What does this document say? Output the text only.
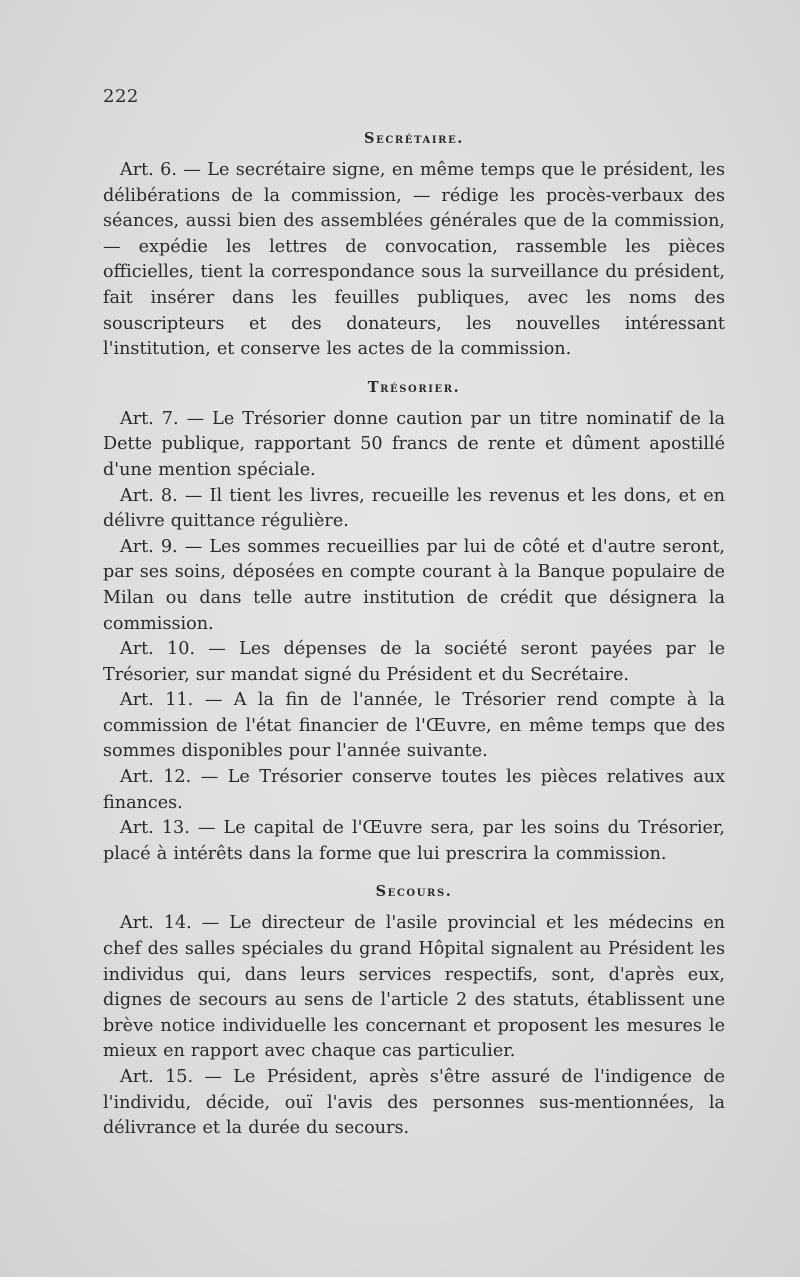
222
Secrétaire.

Art. 6. — Le secrétaire signe, en même temps que le président, les délibérations de la commission, — rédige les procès-verbaux des séances, aussi bien des assemblées générales que de la commission, — expédie les lettres de convocation, rassemble les pièces officielles, tient la correspondance sous la surveillance du président, fait insérer dans les feuilles publiques, avec les noms des souscripteurs et des donateurs, les nouvelles intéressant l'institution, et conserve les actes de la commission.

Trésorier.

Art. 7. — Le Trésorier donne caution par un titre nominatif de la Dette publique, rapportant 50 francs de rente et dûment apostillé d'une mention spéciale.

Art. 8. — Il tient les livres, recueille les revenus et les dons, et en délivre quittance régulière.

Art. 9. — Les sommes recueillies par lui de côté et d'autre seront, par ses soins, déposées en compte courant à la Banque populaire de Milan ou dans telle autre institution de crédit que désignera la commission.

Art. 10. — Les dépenses de la société seront payées par le Trésorier, sur mandat signé du Président et du Secrétaire.

Art. 11. — A la fin de l'année, le Trésorier rend compte à la commission de l'état financier de l'Œuvre, en même temps que des sommes disponibles pour l'année suivante.

Art. 12. — Le Trésorier conserve toutes les pièces relatives aux finances.

Art. 13. — Le capital de l'Œuvre sera, par les soins du Trésorier, placé à intérêts dans la forme que lui prescrira la commission.

Secours.

Art. 14. — Le directeur de l'asile provincial et les médecins en chef des salles spéciales du grand Hôpital signalent au Président les individus qui, dans leurs services respectifs, sont, d'après eux, dignes de secours au sens de l'article 2 des statuts, établissent une brève notice individuelle les concernant et proposent les mesures le mieux en rapport avec chaque cas particulier.

Art. 15. — Le Président, après s'être assuré de l'indigence de l'individu, décide, ouï l'avis des personnes sus-mentionnées, la délivrance et la durée du secours.
